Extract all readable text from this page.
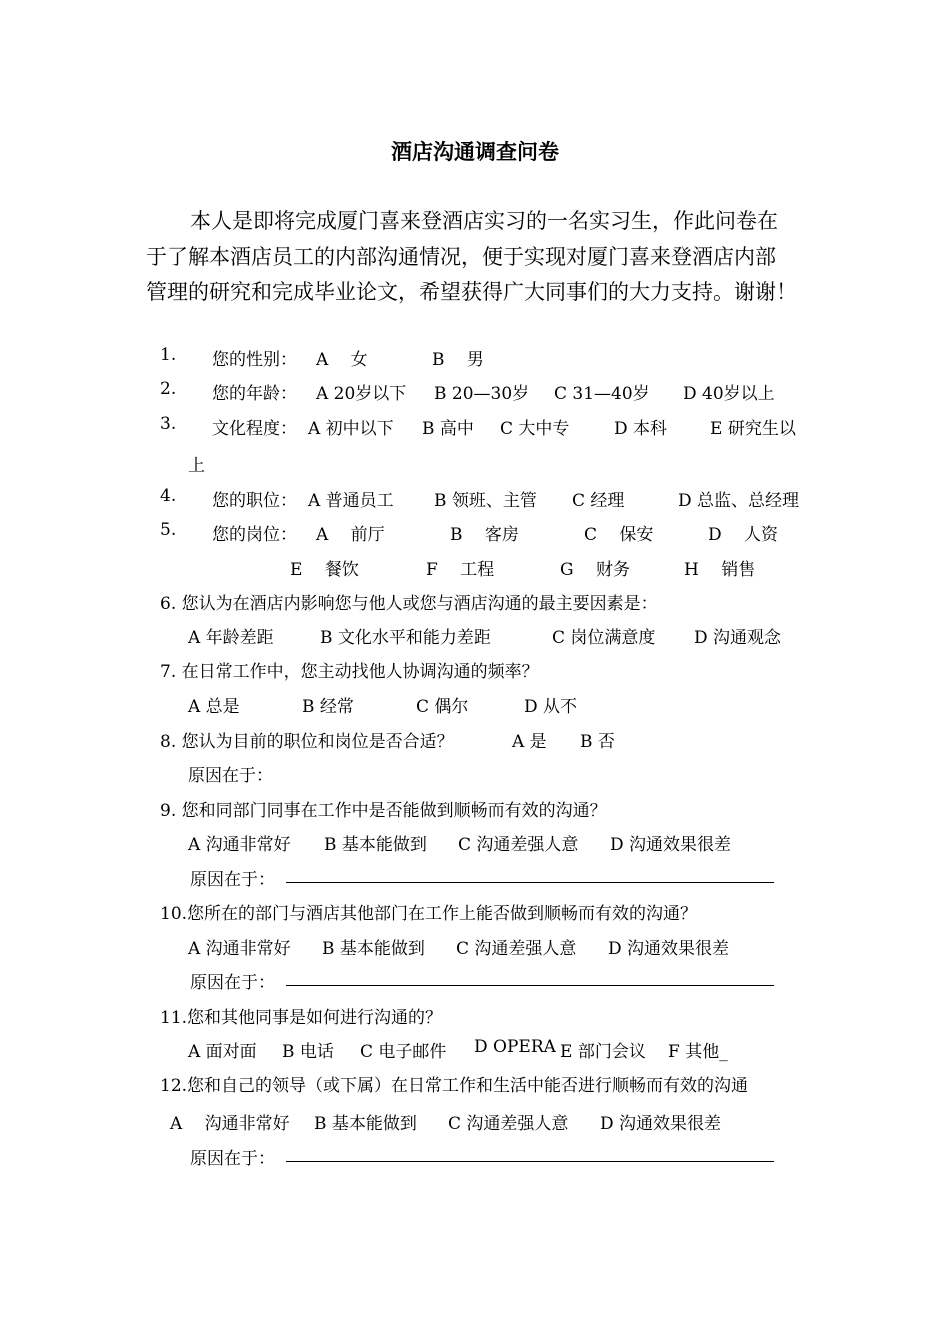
酒店沟通调查问卷
本人是即将完成厦门喜来登酒店实习的一名实习生，作此问卷在
于了解本酒店员工的内部沟通情况，便于实现对厦门喜来登酒店内部
管理的研究和完成毕业论文，希望获得广大同事们的大力支持。谢谢！
1. 您的性别： A　 女	B　 男
2. 您的年龄： A 20岁以下 B 20—30岁 C 31—40岁 D 40岁以上
3. 文化程度： A 初中以下 B 高中 C 大中专	D 本科	E 研究生以
上
4. 您的职位： A 普通员工 B 领班、主管 C 经理	D 总监、总经理
5. 您的岗位： A　 前厅	B　 客房	C　 保安	D　 人资
E　 餐饮	F　 工程	G　 财务	H　 销售
6. 您认为在酒店内影响您与他人或您与酒店沟通的最主要因素是：
A 年龄差距	B 文化水平和能力差距	C 岗位满意度 D 沟通观念
7. 在日常工作中，您主动找他人协调沟通的频率？
A 总是	B 经常	C 偶尔	D 从不
8. 您认为目前的职位和岗位是否合适？	A 是 B 否
原因在于：
9. 您和同部门同事在工作中是否能做到顺畅而有效的沟通？
A 沟通非常好 B 基本能做到 C 沟通差强人意 D 沟通效果很差
原因在于：
10.您所在的部门与酒店其他部门在工作上能否做到顺畅而有效的沟通？
A 沟通非常好 B 基本能做到 C 沟通差强人意 D 沟通效果很差
原因在于：
11.您和其他同事是如何进行沟通的？
A 面对面 B 电话 C 电子邮件 D OPERA E 部门会议 F 其他_
12.您和自己的领导（或下属）在日常工作和生活中能否进行顺畅而有效的沟通
A　 沟通非常好 B 基本能做到 C 沟通差强人意 D 沟通效果很差
原因在于：
